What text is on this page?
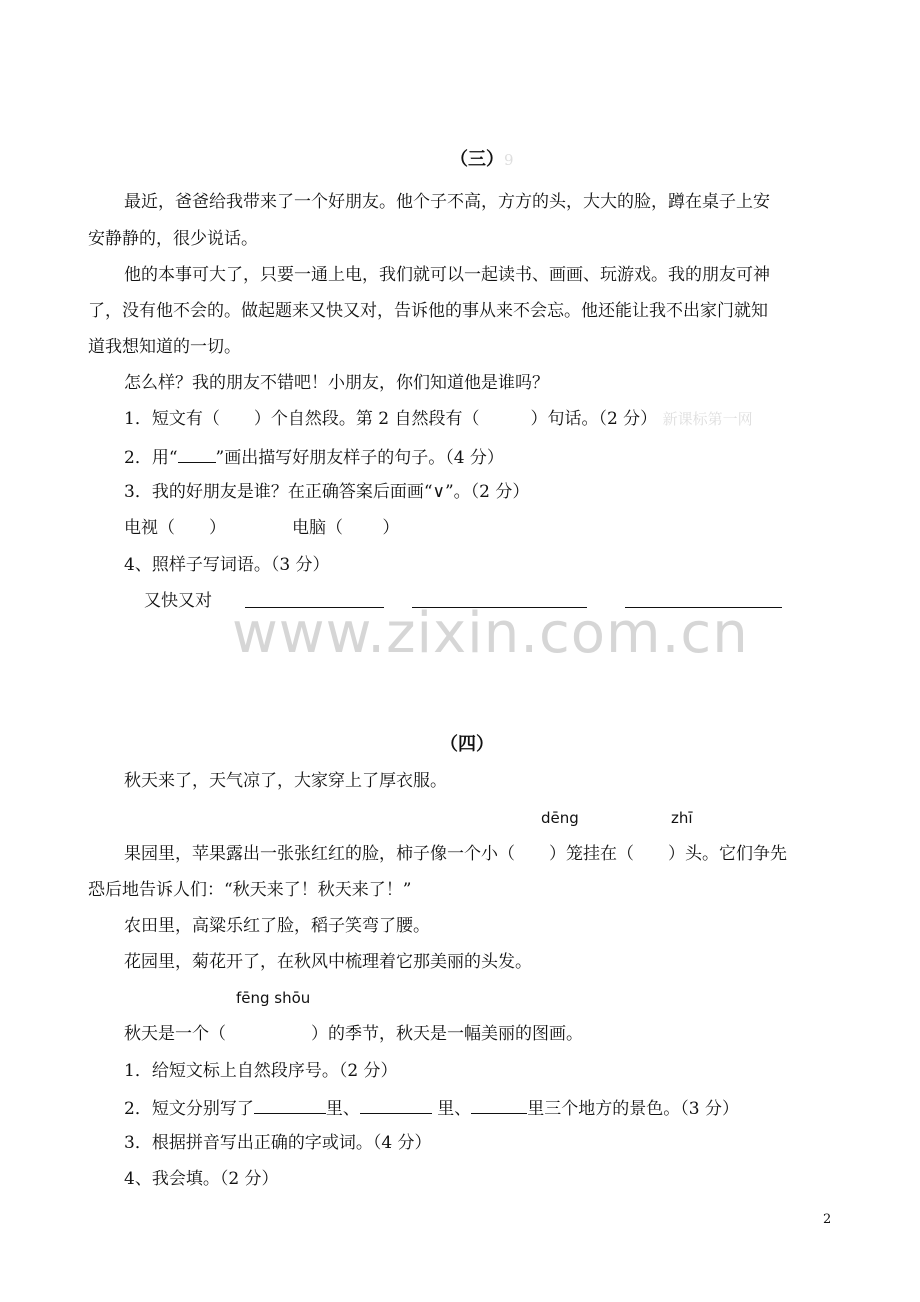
（三）9
最近，爸爸给我带来了一个好朋友。他个子不高，方方的头，大大的脸，蹲在桌子上安
安静静的，很少说话。
他的本事可大了，只要一通上电，我们就可以一起读书、画画、玩游戏。我的朋友可神
了，没有他不会的。做起题来又快又对，告诉他的事从来不会忘。他还能让我不出家门就知
道我想知道的一切。
怎么样？我的朋友不错吧！小朋友，你们知道他是谁吗？
1．短文有（　　）个自然段。第 2 自然段有（　　　）句话。（2 分） 新课标第一网
2．用“ ”画出描写好朋友样子的句子。（4 分）
3．我的好朋友是谁？在正确答案后面画“∨”。（2 分）
电视（　　）	电脑（　　 ）
4、照样子写词语。（3 分）
又快又对 www.zixin.com.cn
（四）
秋天来了，天气凉了，大家穿上了厚衣服。
dēng	zhī
果园里，苹果露出一张张红红的脸，柿子像一个小（　　）笼挂在（　　）头。它们争先
恐后地告诉人们：“秋天来了！秋天来了！”
农田里，高粱乐红了脸，稻子笑弯了腰。
花园里，菊花开了，在秋风中梳理着它那美丽的头发。
fēng shōu
秋天是一个（　　　　　）的季节，秋天是一幅美丽的图画。
1．给短文标上自然段序号。（2 分）
2．短文分别写了	里、	里、	里三个地方的景色。（3 分）
3．根据拼音写出正确的字或词。（4 分）
4、我会填。（2 分）
2
